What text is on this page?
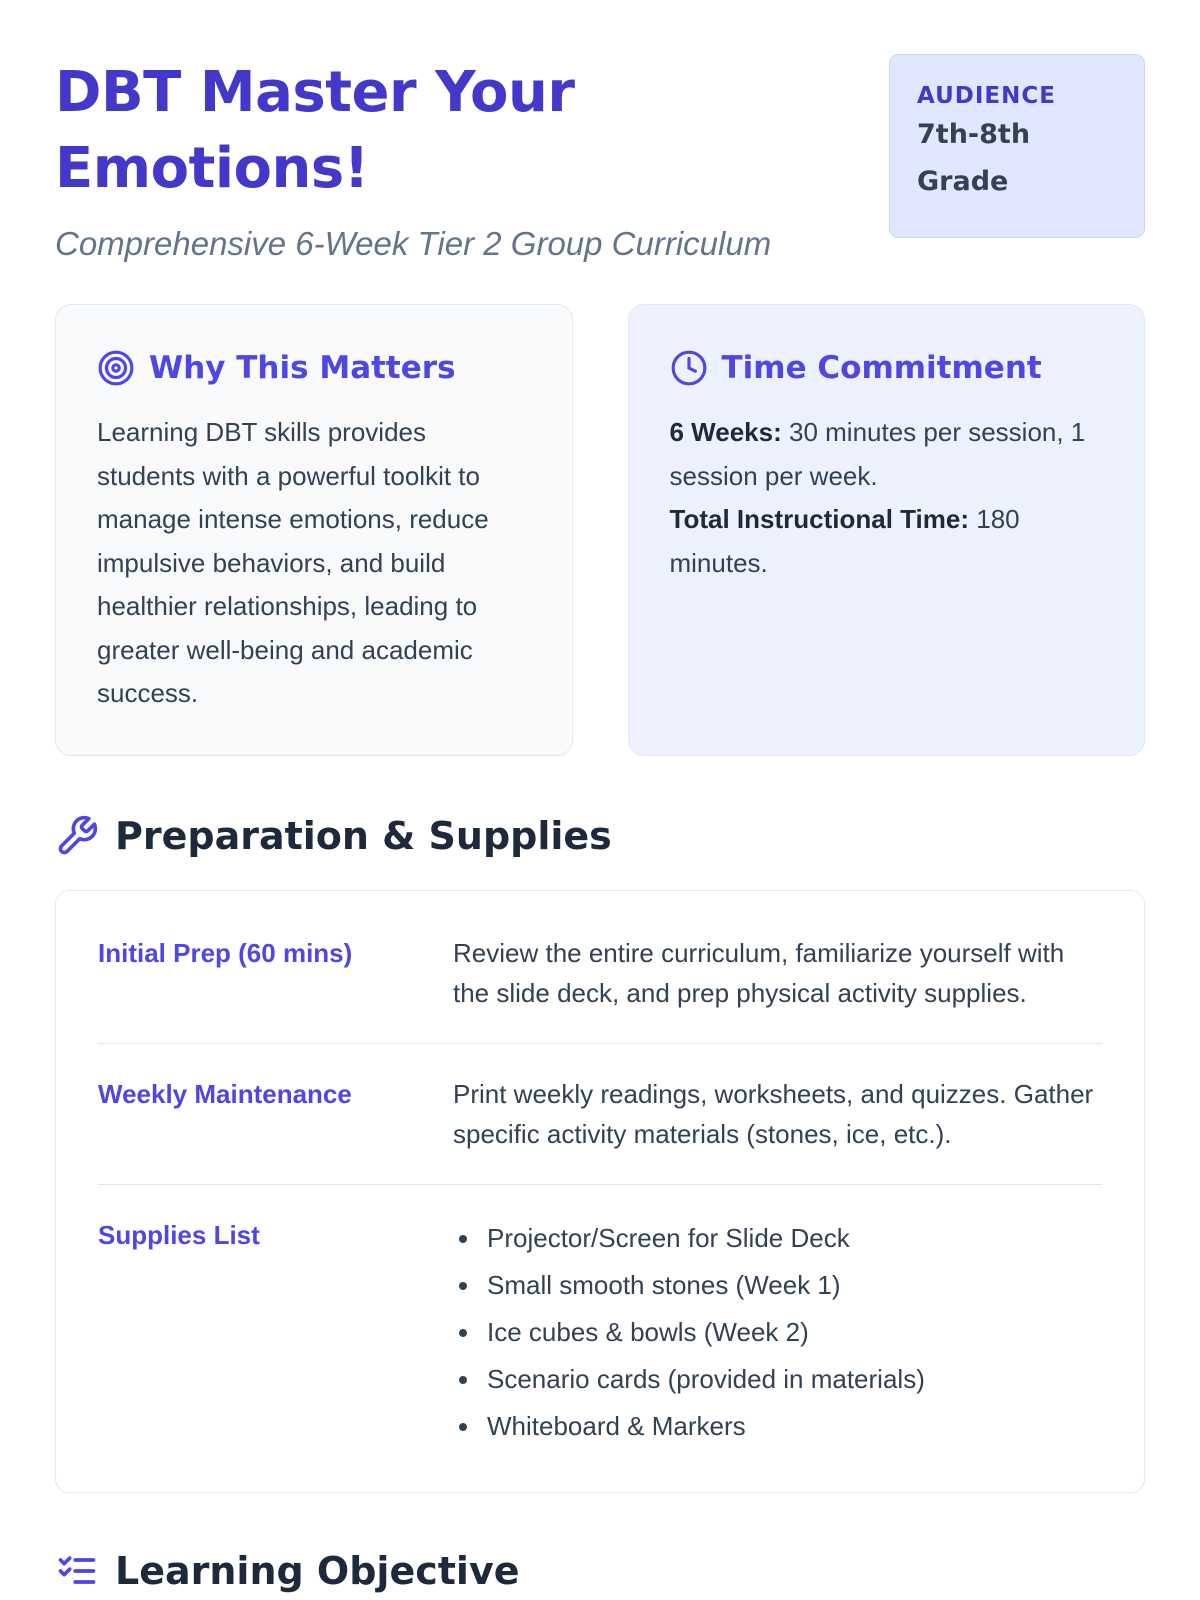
DBT Master Your Emotions!
Comprehensive 6-Week Tier 2 Group Curriculum
AUDIENCE
7th-8th Grade
Why This Matters

Learning DBT skills provides students with a powerful toolkit to manage intense emotions, reduce impulsive behaviors, and build healthier relationships, leading to greater well-being and academic success.

Time Commitment
6 Weeks: 30 minutes per session, 1 session per week.
Total Instructional Time: 180 minutes.
Preparation & Supplies
Initial Prep (60 mins)	Review the entire curriculum, familiarize yourself with the slide deck, and prep physical activity supplies.
Weekly Maintenance	Print weekly readings, worksheets, and quizzes. Gather specific activity materials (stones, ice, etc.).
Supplies List	Projector/Screen for Slide Deck
Small smooth stones (Week 1)
Ice cubes & bowls (Week 2)
Scenario cards (provided in materials)
Whiteboard & Markers
Learning Objective
